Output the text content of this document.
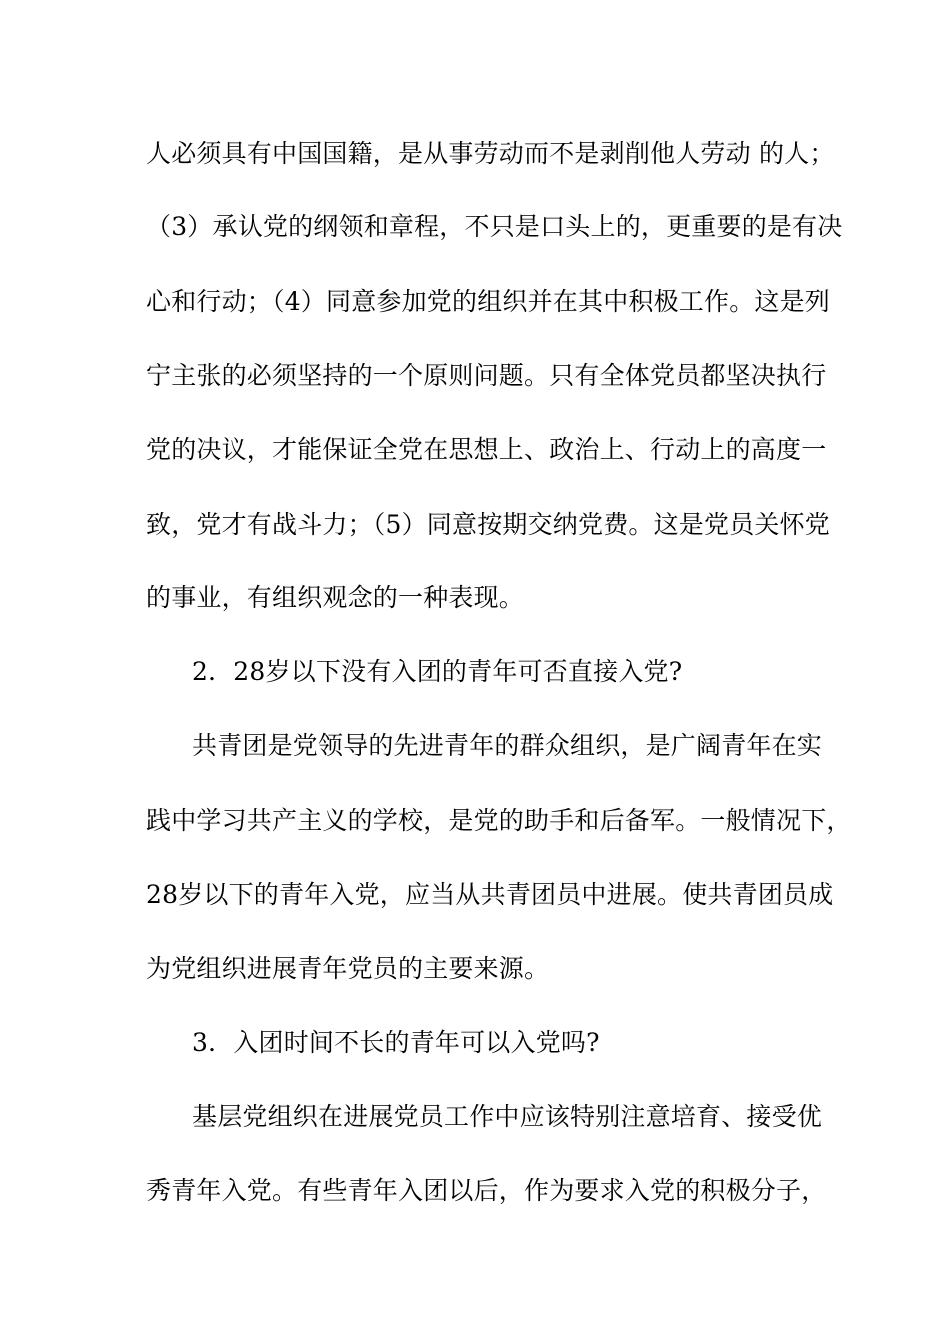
人必须具有中国国籍，是从事劳动而不是剥削他人劳动 的人；
（3）承认党的纲领和章程，不只是口头上的，更重要的是有决
心和行动；（4）同意参加党的组织并在其中积极工作。这是列
宁主张的必须坚持的一个原则问题。只有全体党员都坚决执行
党的决议，才能保证全党在思想上、政治上、行动上的高度一
致，党才有战斗力；（5）同意按期交纳党费。这是党员关怀党
的事业，有组织观念的一种表现。
2．28岁以下没有入团的青年可否直接入党?
共青团是党领导的先进青年的群众组织，是广阔青年在实
践中学习共产主义的学校，是党的助手和后备军。一般情况下，
28岁以下的青年入党，应当从共青团员中进展。使共青团员成
为党组织进展青年党员的主要来源。
3．入团时间不长的青年可以入党吗?
基层党组织在进展党员工作中应该特别注意培育、接受优
秀青年入党。有些青年入团以后，作为要求入党的积极分子，
